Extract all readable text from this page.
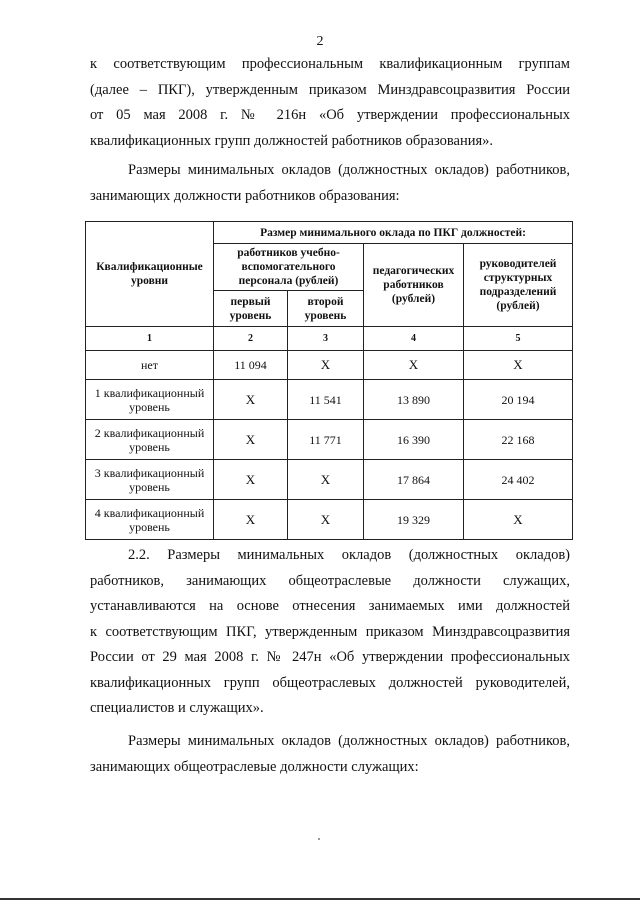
2

к соответствующим профессиональным квалификационным группам
(далее – ПКГ), утвержденным приказом Минздравсоцразвития России
от 05 мая 2008 г. № 216н «Об утверждении профессиональных
квалификационных групп должностей работников образования».

Размеры минимальных окладов (должностных окладов) работников,
занимающих должности работников образования:

Квалификационные уровни	Размер минимального оклада по ПКГ должностей:			
	работников учебно-вспомогательного персонала (рублей)		педагогических работников (рублей)	руководителей структурных подразделений (рублей)
	первый уровень	второй уровень		
1	2	3	4	5
нет	11 094	X	X	X
1 квалификационный уровень	X	11 541	13 890	20 194
2 квалификационный уровень	X	11 771	16 390	22 168
3 квалификационный уровень	X	X	17 864	24 402
4 квалификационный уровень	X	X	19 329	X

2.2. Размеры минимальных окладов (должностных окладов)
работников, занимающих общеотраслевые должности служащих,
устанавливаются на основе отнесения занимаемых ими должностей
к соответствующим ПКГ, утвержденным приказом Минздравсоцразвития
России от 29 мая 2008 г. № 247н «Об утверждении профессиональных
квалификационных групп общеотраслевых должностей руководителей,
специалистов и служащих».

Размеры минимальных окладов (должностных окладов) работников,
занимающих общеотраслевые должности служащих:
